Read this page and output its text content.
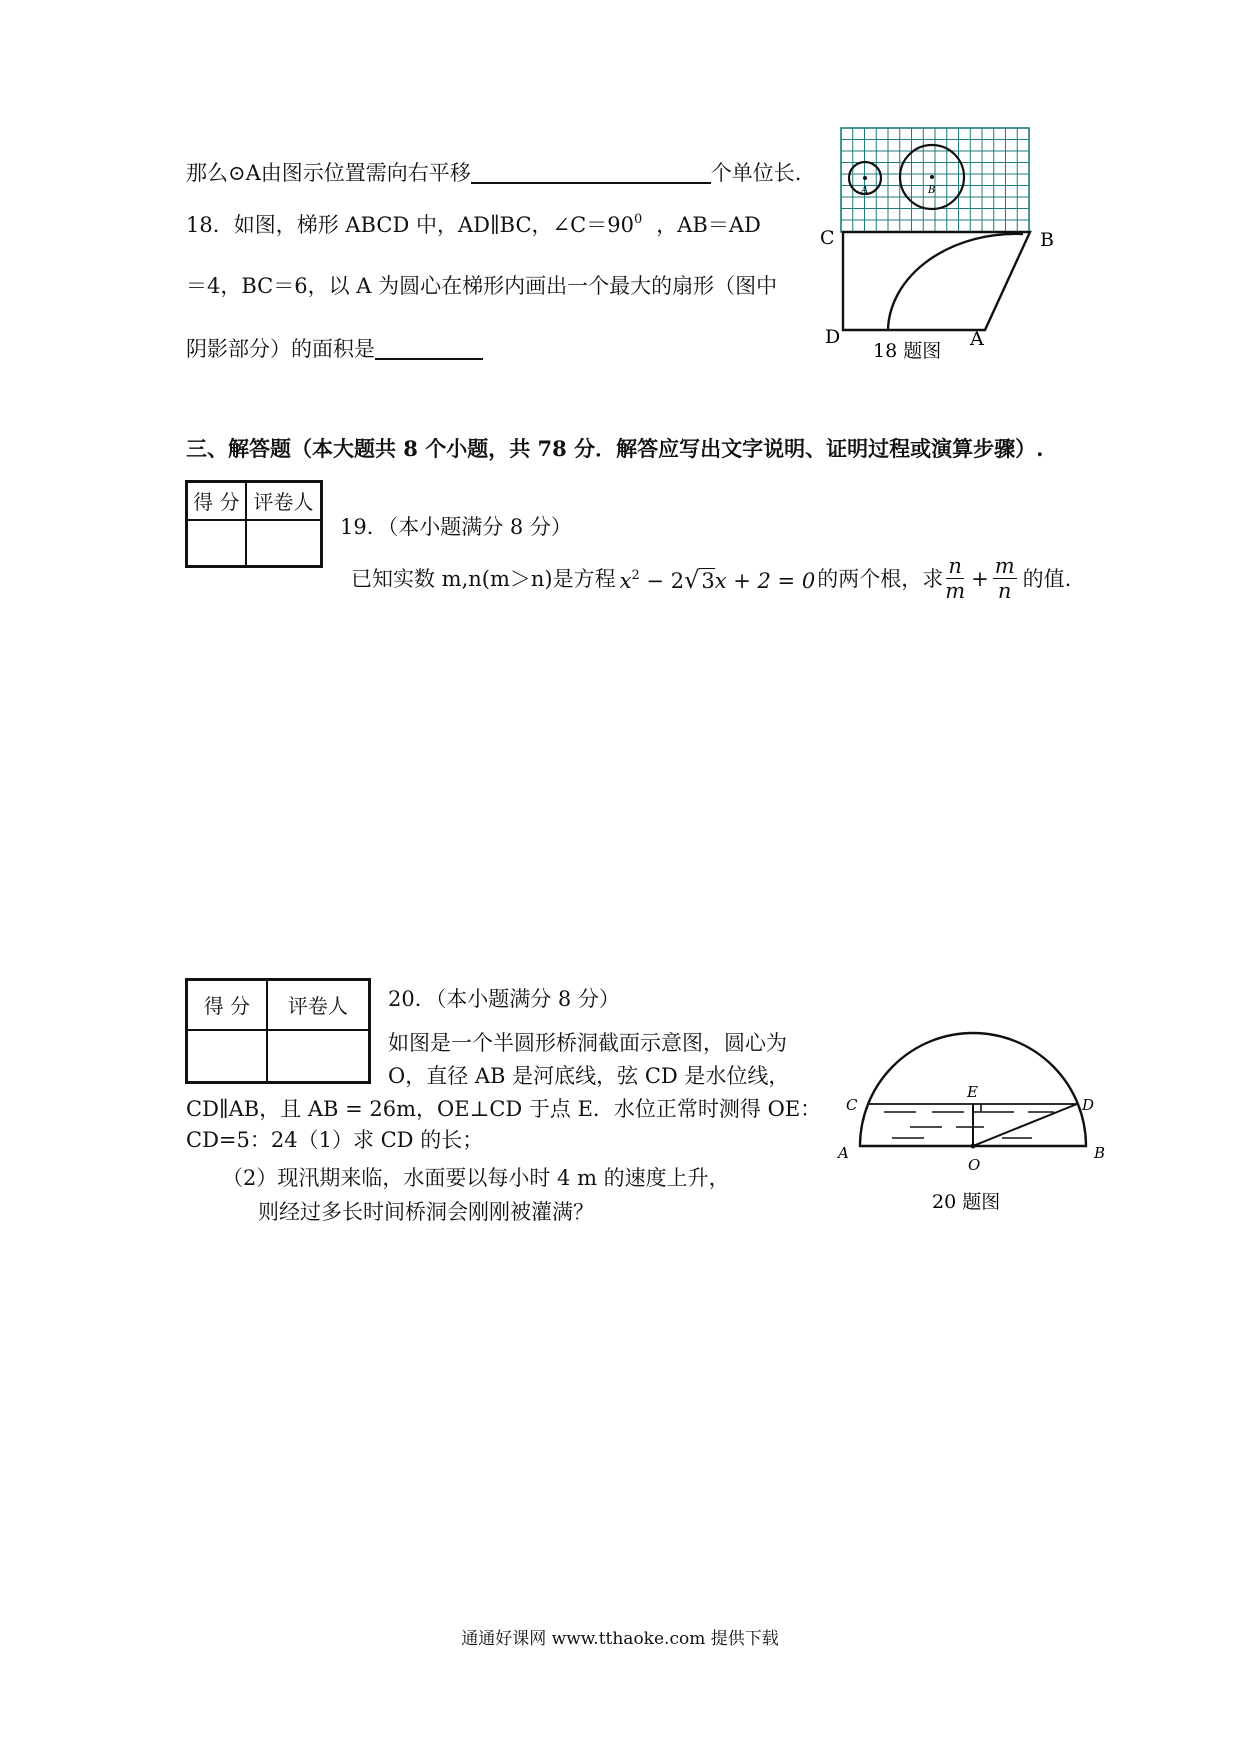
那么⊙A由图示位置需向右平移	个单位长.
18．如图，梯形 ABCD 中，AD∥BC，$\angle C=90^0$ ，AB＝AD
＝4，BC＝6，以 A 为圆心在梯形内画出一个最大的扇形（图中
阴影部分）的面积是
A	B
C	B
D	A
18 题图
三、解答题（本大题共 8 个小题，共 78 分．解答应写出文字说明、证明过程或演算步骤）.
得 分	评卷人

19．（本小题满分 8 分）
已知实数 m,n(m＞n)是方程 $x^2 - 2√3x + 2 = 0$ 的两个根，求 $\frac{n}{m} + \frac{m}{n}$ 的值.
得 分	评卷人
	20．（本小题满分 8 分）
如图是一个半圆形桥洞截面示意图，圆心为
O，直径 AB 是河底线，弦 CD 是水位线，
CD∥AB，且 AB = 26m，OE⊥CD 于点 E．水位正常时测得 OE：
CD=5：24（1）求 CD 的长；
（2）现汛期来临，水面要以每小时 4 m 的速度上升，
则经过多长时间桥洞会刚刚被灌满？
C
E
D
A
O
B
20 题图
通通好课网 www.tthaoke.com 提供下载
